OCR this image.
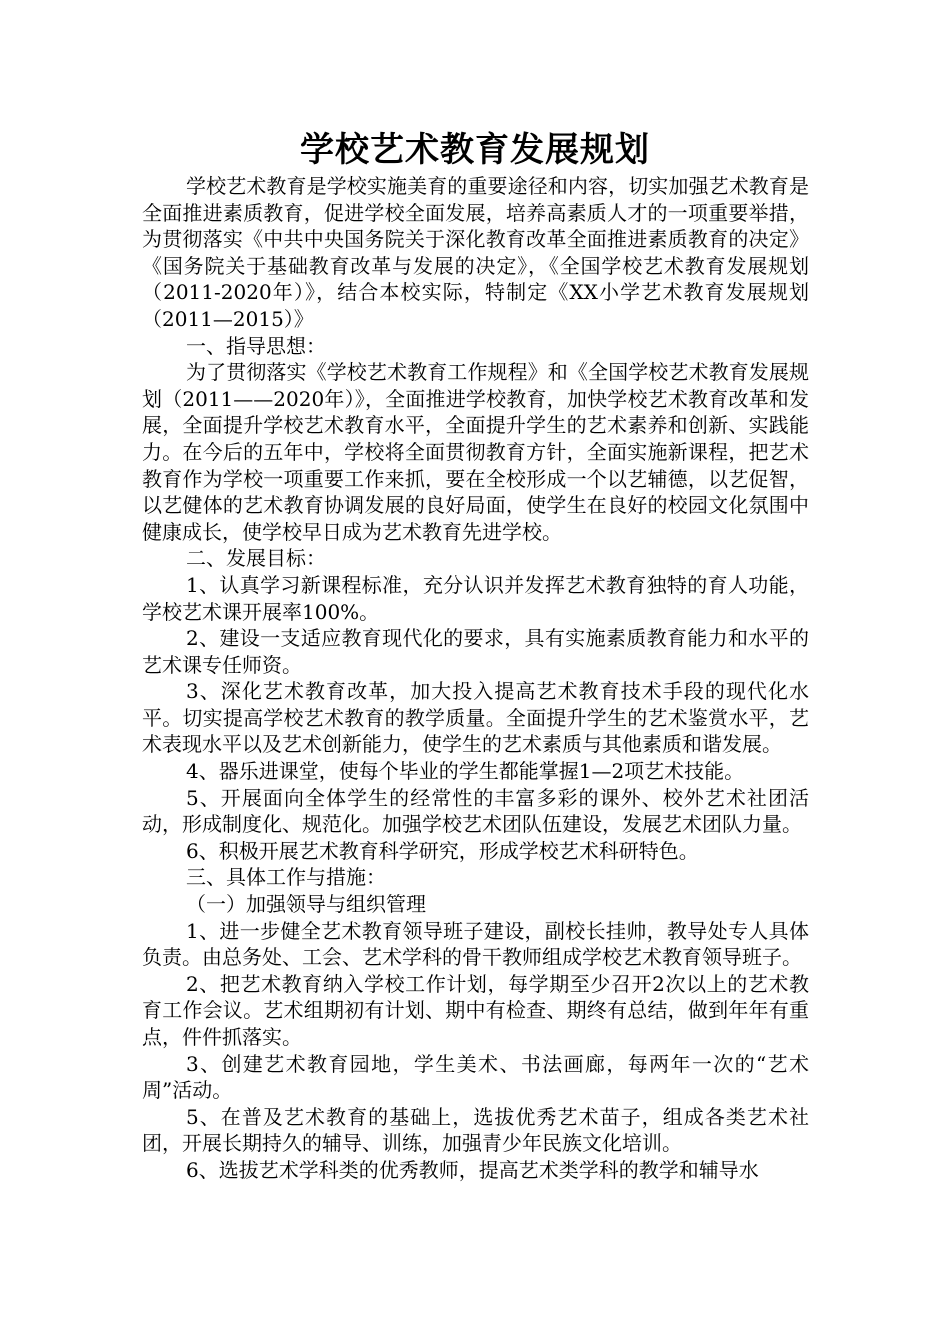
学校艺术教育发展规划

学校艺术教育是学校实施美育的重要途径和内容，切实加强艺术教育是全面推进素质教育，促进学校全面发展，培养高素质人才的一项重要举措，为贯彻落实《中共中央国务院关于深化教育改革全面推进素质教育的决定》《国务院关于基础教育改革与发展的决定》，《全国学校艺术教育发展规划（2011-2020年）》，结合本校实际，特制定《XX小学艺术教育发展规划（2011—2015）》

一、指导思想：

为了贯彻落实《学校艺术教育工作规程》和《全国学校艺术教育发展规划（2011——2020年）》，全面推进学校教育，加快学校艺术教育改革和发展，全面提升学校艺术教育水平，全面提升学生的艺术素养和创新、实践能力。在今后的五年中，学校将全面贯彻教育方针，全面实施新课程，把艺术教育作为学校一项重要工作来抓，要在全校形成一个以艺辅德，以艺促智，以艺健体的艺术教育协调发展的良好局面，使学生在良好的校园文化氛围中健康成长，使学校早日成为艺术教育先进学校。

二、发展目标：

1、认真学习新课程标准，充分认识并发挥艺术教育独特的育人功能，学校艺术课开展率100%。

2、建设一支适应教育现代化的要求，具有实施素质教育能力和水平的艺术课专任师资。

3、深化艺术教育改革，加大投入提高艺术教育技术手段的现代化水平。切实提高学校艺术教育的教学质量。全面提升学生的艺术鉴赏水平，艺术表现水平以及艺术创新能力，使学生的艺术素质与其他素质和谐发展。

4、器乐进课堂，使每个毕业的学生都能掌握1—2项艺术技能。

5、开展面向全体学生的经常性的丰富多彩的课外、校外艺术社团活动，形成制度化、规范化。加强学校艺术团队伍建设，发展艺术团队力量。

6、积极开展艺术教育科学研究，形成学校艺术科研特色。

三、具体工作与措施：

（一）加强领导与组织管理

1、进一步健全艺术教育领导班子建设，副校长挂帅，教导处专人具体负责。由总务处、工会、艺术学科的骨干教师组成学校艺术教育领导班子。

2、把艺术教育纳入学校工作计划，每学期至少召开2次以上的艺术教育工作会议。艺术组期初有计划、期中有检查、期终有总结，做到年年有重点，件件抓落实。

3、创建艺术教育园地，学生美术、书法画廊，每两年一次的“艺术周”活动。

5、在普及艺术教育的基础上，选拔优秀艺术苗子，组成各类艺术社团，开展长期持久的辅导、训练，加强青少年民族文化培训。

6、选拔艺术学科类的优秀教师，提高艺术类学科的教学和辅导水
